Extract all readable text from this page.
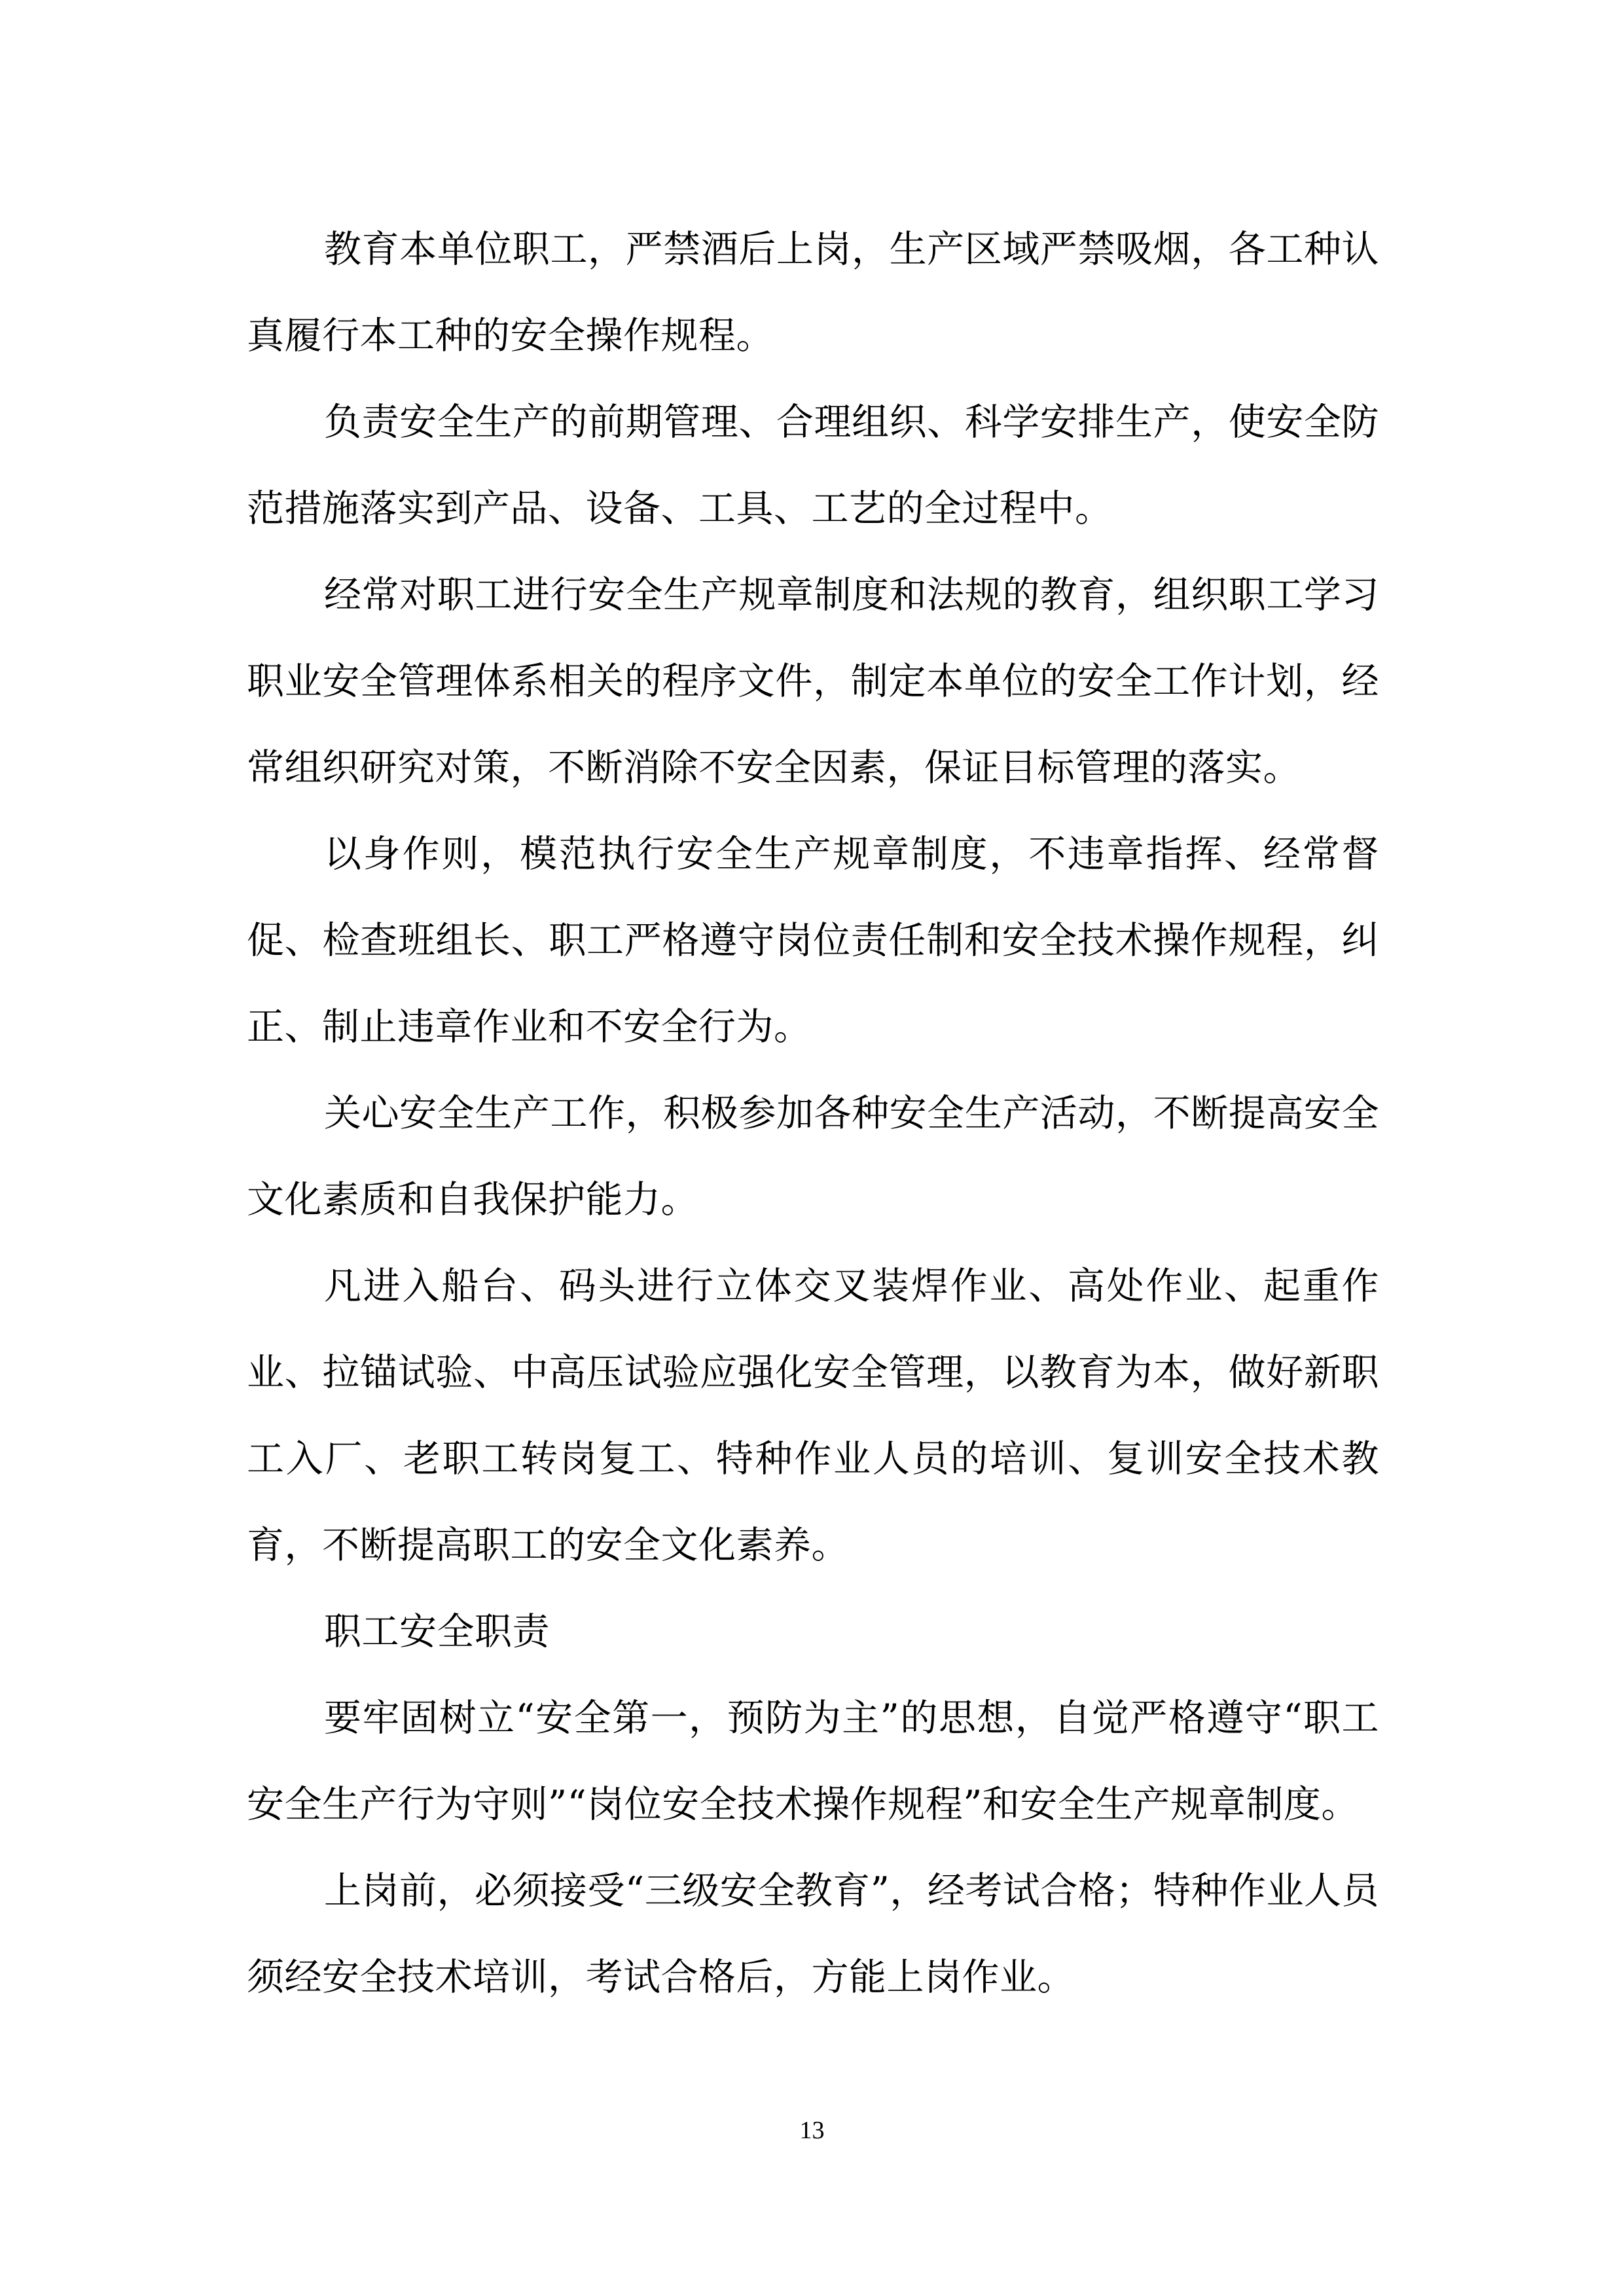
教育本单位职工，严禁酒后上岗，生产区域严禁吸烟，各工种认真履行本工种的安全操作规程。

负责安全生产的前期管理、合理组织、科学安排生产，使安全防范措施落实到产品、设备、工具、工艺的全过程中。

经常对职工进行安全生产规章制度和法规的教育，组织职工学习职业安全管理体系相关的程序文件，制定本单位的安全工作计划，经常组织研究对策，不断消除不安全因素，保证目标管理的落实。

以身作则，模范执行安全生产规章制度，不违章指挥、经常督促、检查班组长、职工严格遵守岗位责任制和安全技术操作规程，纠正、制止违章作业和不安全行为。

关心安全生产工作，积极参加各种安全生产活动，不断提高安全文化素质和自我保护能力。

凡进入船台、码头进行立体交叉装焊作业、高处作业、起重作业、拉锚试验、中高压试验应强化安全管理，以教育为本，做好新职工入厂、老职工转岗复工、特种作业人员的培训、复训安全技术教育，不断提高职工的安全文化素养。

职工安全职责

要牢固树立“安全第一，预防为主”的思想，自觉严格遵守“职工安全生产行为守则”“岗位安全技术操作规程”和安全生产规章制度。

上岗前，必须接受“三级安全教育”，经考试合格；特种作业人员须经安全技术培训，考试合格后，方能上岗作业。

13
